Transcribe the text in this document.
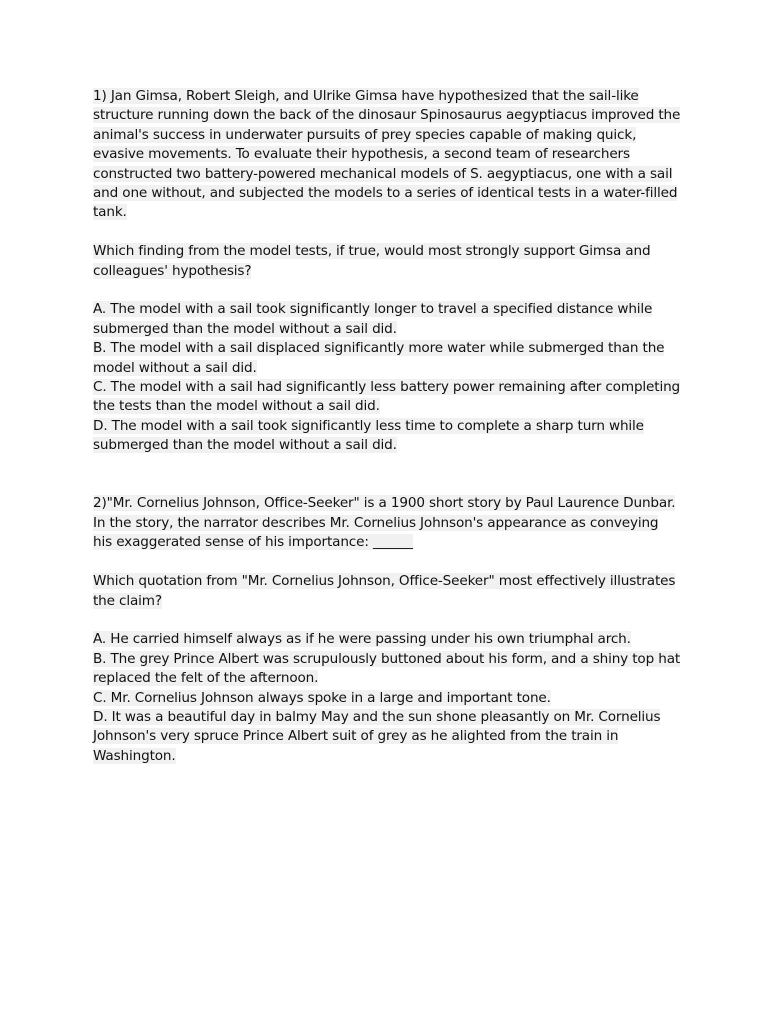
1) Jan Gimsa, Robert Sleigh, and Ulrike Gimsa have hypothesized that the sail-like structure running down the back of the dinosaur Spinosaurus aegyptiacus improved the animal's success in underwater pursuits of prey species capable of making quick, evasive movements. To evaluate their hypothesis, a second team of researchers constructed two battery-powered mechanical models of S. aegyptiacus, one with a sail and one without, and subjected the models to a series of identical tests in a water-filled tank.

Which finding from the model tests, if true, would most strongly support Gimsa and colleagues' hypothesis?

A. The model with a sail took significantly longer to travel a specified distance while submerged than the model without a sail did.

B. The model with a sail displaced significantly more water while submerged than the model without a sail did.

C. The model with a sail had significantly less battery power remaining after completing the tests than the model without a sail did.

D. The model with a sail took significantly less time to complete a sharp turn while submerged than the model without a sail did.

2)"Mr. Cornelius Johnson, Office-Seeker" is a 1900 short story by Paul Laurence Dunbar. In the story, the narrator describes Mr. Cornelius Johnson's appearance as conveying his exaggerated sense of his importance: ______

Which quotation from "Mr. Cornelius Johnson, Office-Seeker" most effectively illustrates the claim?

A. He carried himself always as if he were passing under his own triumphal arch.

B. The grey Prince Albert was scrupulously buttoned about his form, and a shiny top hat replaced the felt of the afternoon.

C. Mr. Cornelius Johnson always spoke in a large and important tone.

D. It was a beautiful day in balmy May and the sun shone pleasantly on Mr. Cornelius Johnson's very spruce Prince Albert suit of grey as he alighted from the train in Washington.
